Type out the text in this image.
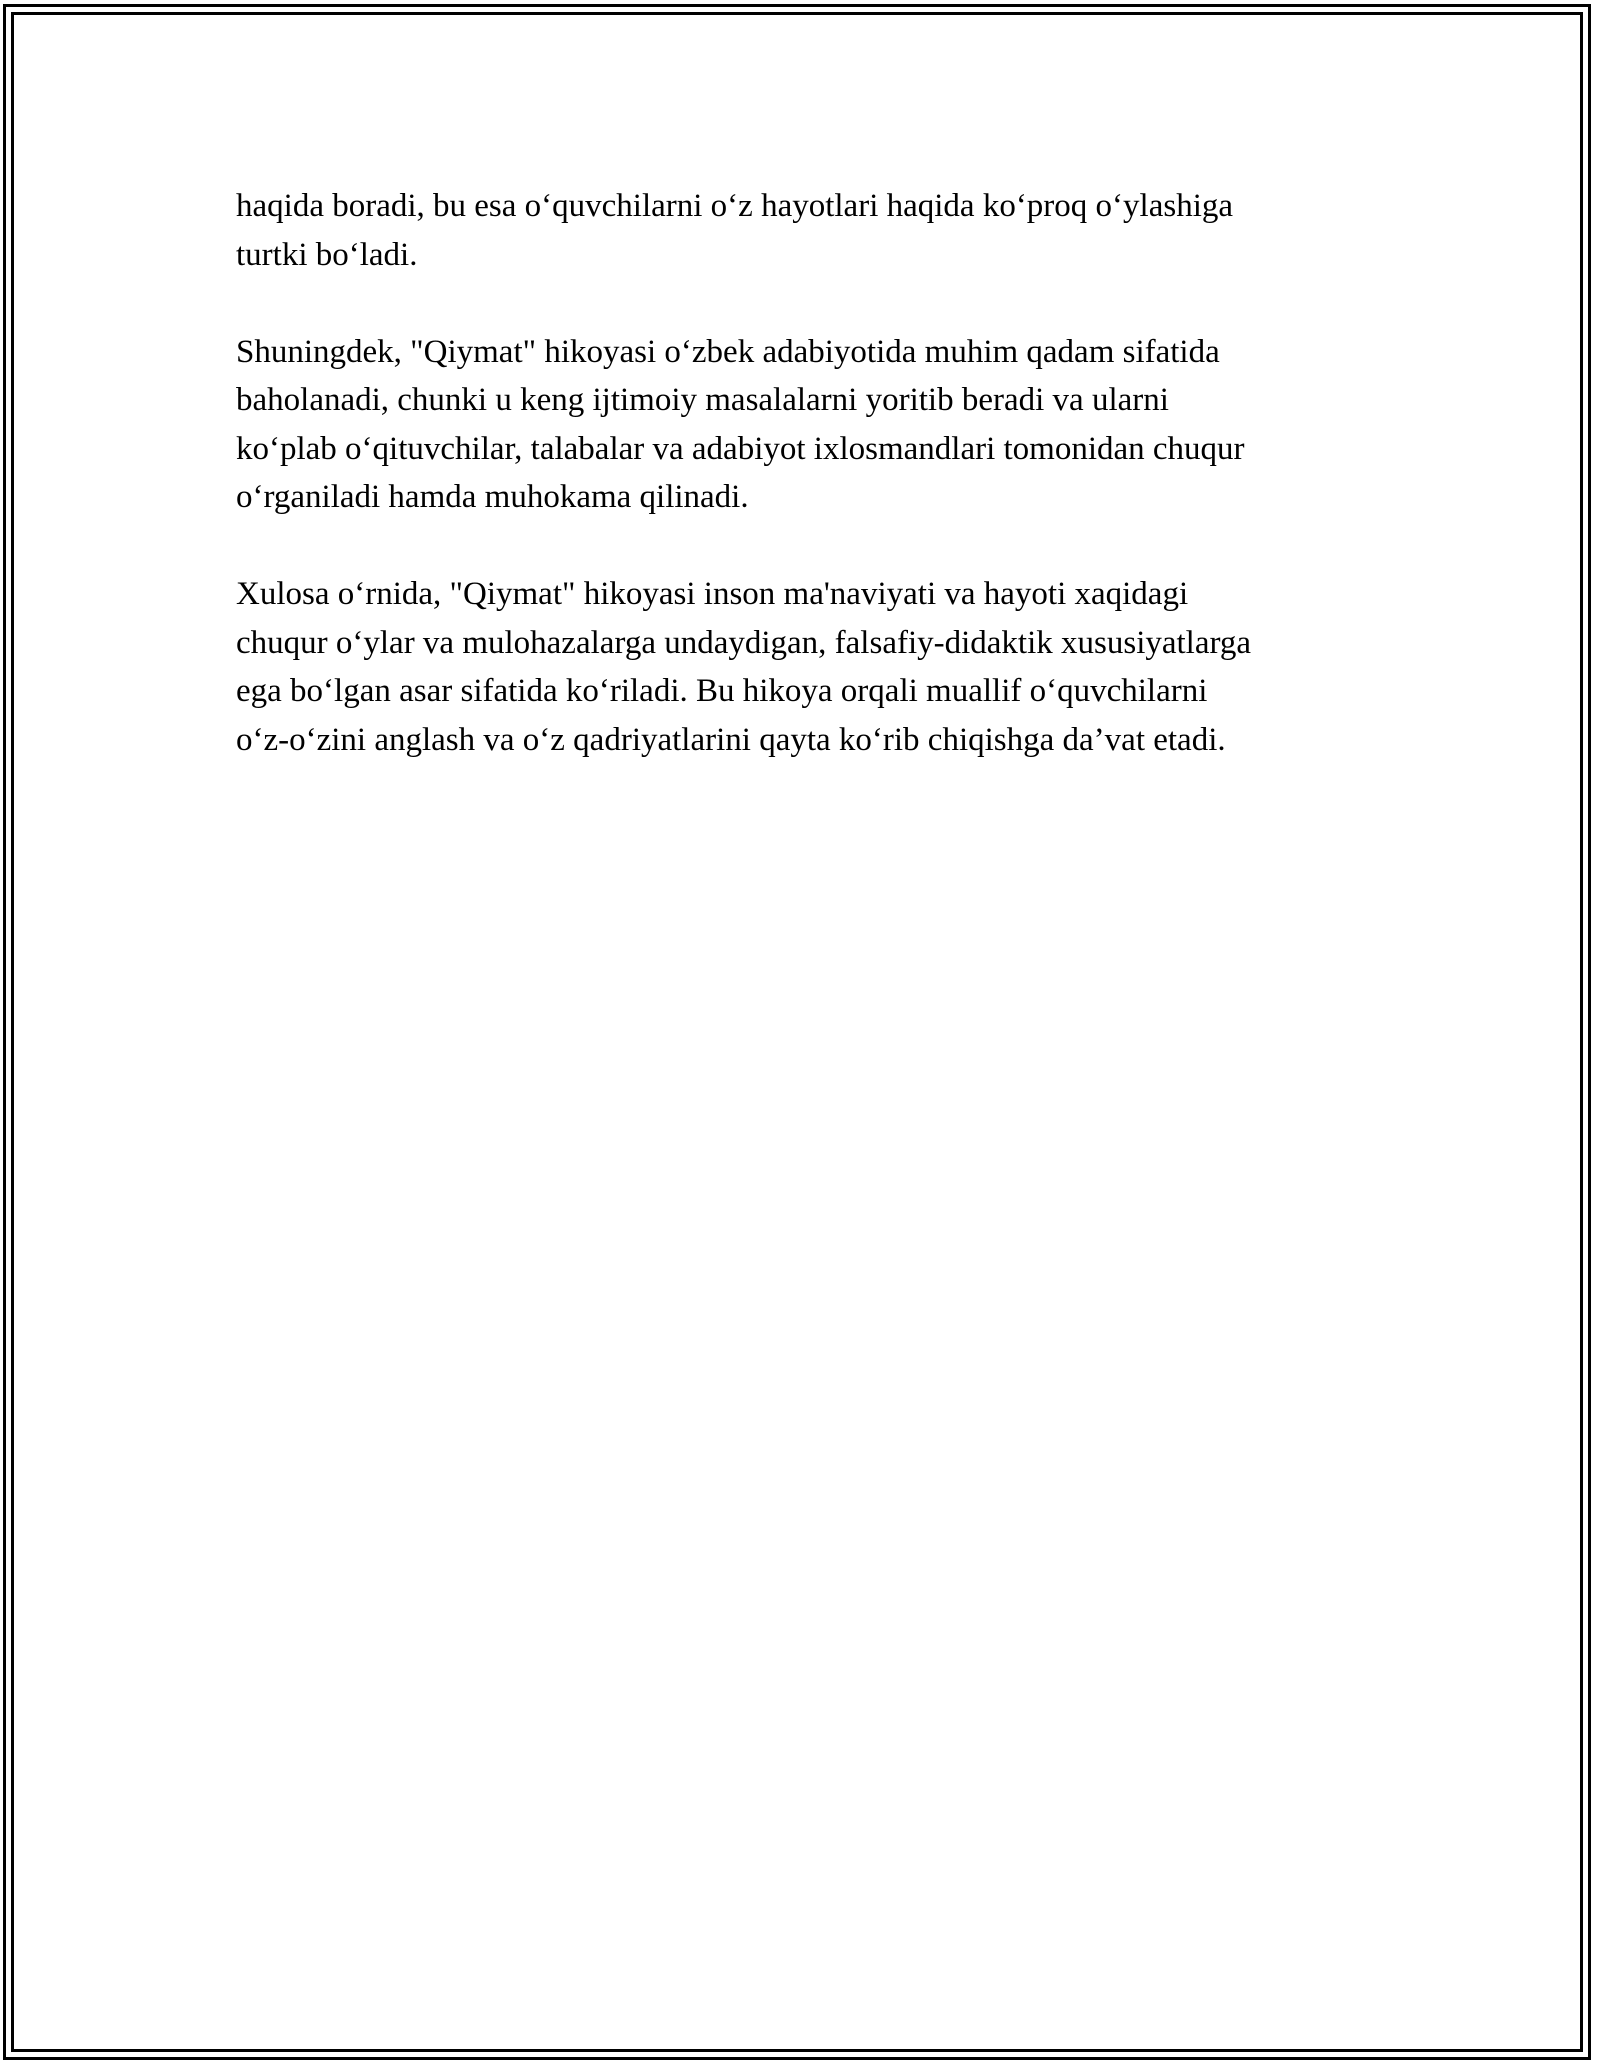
haqida boradi, bu esa o‘quvchilarni o‘z hayotlari haqida ko‘proq o‘ylashiga
turtki bo‘ladi.

Shuningdek, "Qiymat" hikoyasi o‘zbek adabiyotida muhim qadam sifatida
baholanadi, chunki u keng ijtimoiy masalalarni yoritib beradi va ularni
ko‘plab o‘qituvchilar, talabalar va adabiyot ixlosmandlari tomonidan chuqur
o‘rganiladi hamda muhokama qilinadi.

Xulosa o‘rnida, "Qiymat" hikoyasi inson ma'naviyati va hayoti xaqidagi
chuqur o‘ylar va mulohazalarga undaydigan, falsafiy-didaktik xususiyatlarga
ega bo‘lgan asar sifatida ko‘riladi. Bu hikoya orqali muallif o‘quvchilarni
o‘z-o‘zini anglash va o‘z qadriyatlarini qayta ko‘rib chiqishga da’vat etadi.
